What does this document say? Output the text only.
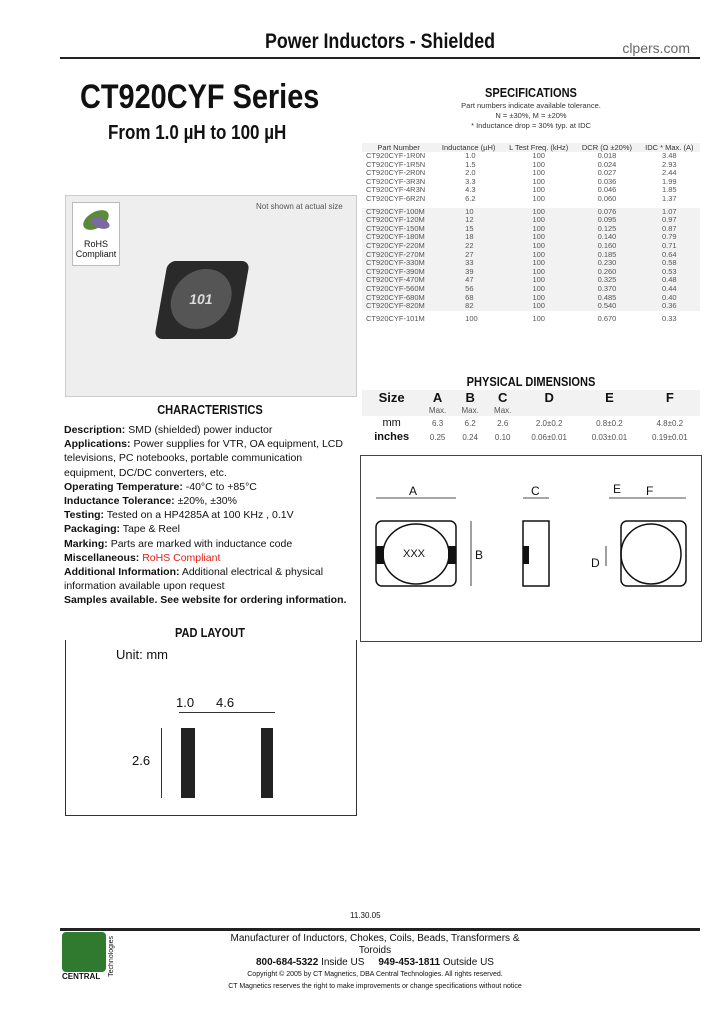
Power Inductors - Shielded	clpers.com
CT920CYF Series
From 1.0 µH to 100 µH
Not shown at actual size
101
RoHS Compliant
CHARACTERISTICS
Description: SMD (shielded) power inductor
Applications: Power supplies for VTR, OA equipment, LCD televisions, PC notebooks, portable communication equipment, DC/DC converters, etc.
Operating Temperature: -40°C to +85°C
Inductance Tolerance: ±20%, ±30%
Testing: Tested on a HP4285A at 100 KHz , 0.1V
Packaging: Tape & Reel
Marking: Parts are marked with inductance code
Miscellaneous: RoHS Compliant
Additional Information: Additional electrical & physical information available upon request
Samples available. See website for ordering information.
PAD LAYOUT
Unit: mm
1.0 4.6
2.6
SPECIFICATIONS
Part numbers indicate available tolerance.
N = ±30%, M = ±20%
* Inductance drop = 30% typ. at IDC
Part Number	Inductance (µH)	L Test Freq. (kHz)	DCR (Ω ±20%)	IDC * Max. (A)
CT920CYF-1R0N	1.0	100	0.018	3.48
CT920CYF-1R5N	1.5	100	0.024	2.93
CT920CYF-2R0N	2.0	100	0.027	2.44
CT920CYF-3R3N	3.3	100	0.036	1.99
CT920CYF-4R3N	4.3	100	0.046	1.85
CT920CYF-6R2N	6.2	100	0.060	1.37
CT920CYF-100M	10	100	0.076	1.07
CT920CYF-120M	12	100	0.095	0.97
CT920CYF-150M	15	100	0.125	0.87
CT920CYF-180M	18	100	0.140	0.79
CT920CYF-220M	22	100	0.160	0.71
CT920CYF-270M	27	100	0.185	0.64
CT920CYF-330M	33	100	0.230	0.58
CT920CYF-390M	39	100	0.260	0.53
CT920CYF-470M	47	100	0.325	0.48
CT920CYF-560M	56	100	0.370	0.44
CT920CYF-680M	68	100	0.485	0.40
CT920CYF-820M	82	100	0.540	0.36
CT920CYF-101M	100	100	0.670	0.33
PHYSICAL DIMENSIONS
Size	A	B	C	D	E	F
	Max.	Max.	Max.			
mm	6.3	6.2	2.6	2.0±0.2	0.8±0.2	4.8±0.2
inches	0.25	0.24	0.10	0.06±0.01	0.03±0.01	0.19±0.01
A
B
C
D
E F
XXX
11.30.05
CENTRAL	Technologies	Manufacturer of Inductors, Chokes, Coils, Beads, Transformers & Toroids
800-684-5322 Inside US 949-453-1811 Outside US
Copyright © 2005 by CT Magnetics, DBA Central Technologies. All rights reserved.
CT Magnetics reserves the right to make improvements or change specifications without notice
